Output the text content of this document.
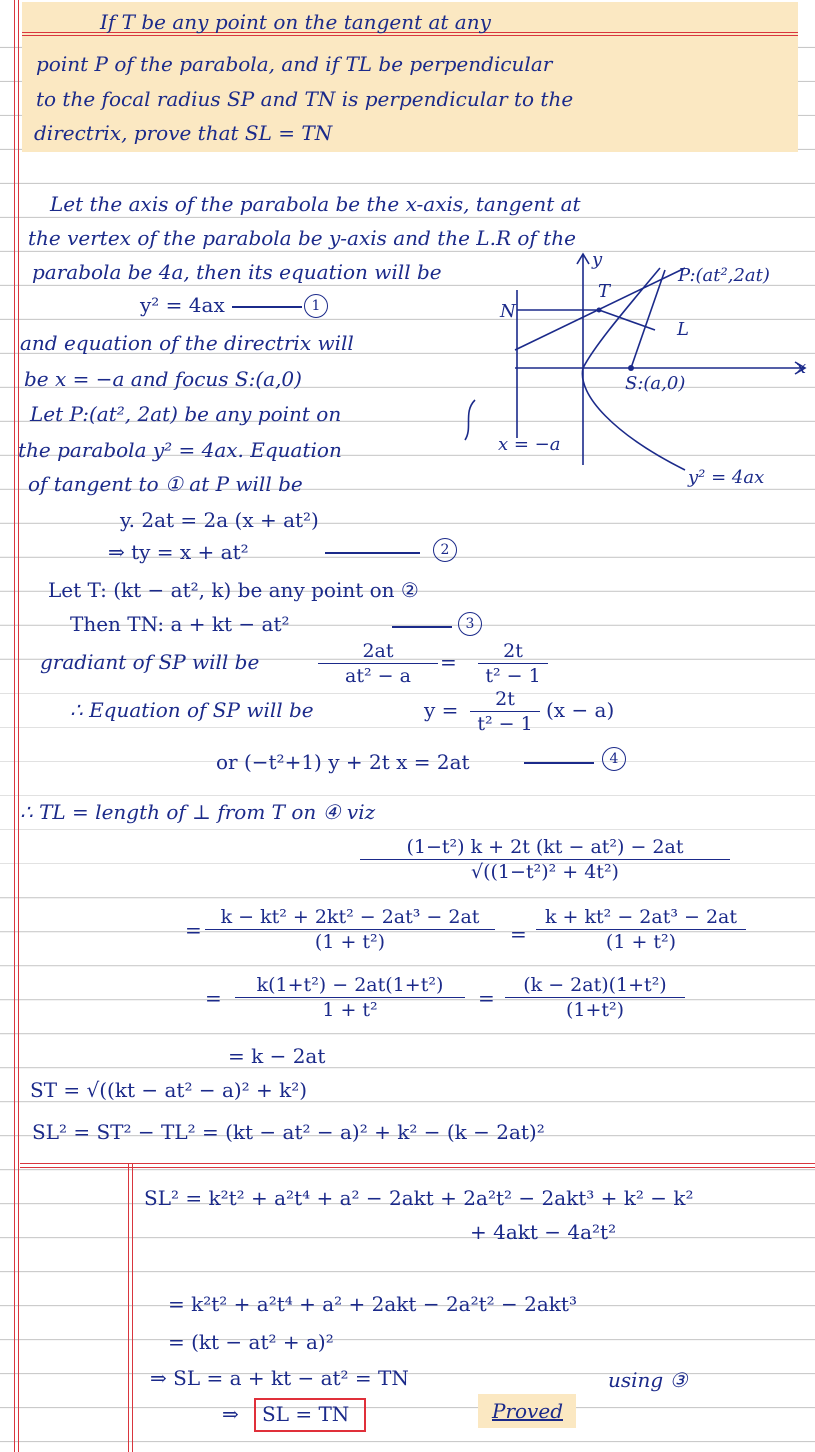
If T be any point on the tangent at any
point P of the parabola, and if TL be perpendicular
to the focal radius SP and TN is perpendicular to the
directrix, prove that SL = TN
Let the axis of the parabola be the x-axis, tangent at
the vertex of the parabola be y-axis and the L.R of the
parabola be 4a, then its equation will be
y² = 4ax	1
and equation of the directrix will
be x = −a and focus S:(a,0)
Let P:(at², 2at) be any point on
the parabola y² = 4ax. Equation
of tangent to ① at P will be
y
x
P:(at²,2at)
T
L
N
S:(a,0)
x = −a
y² = 4ax
y. 2at = 2a (x + at²)
⇒ ty = x + at²	2
Let T: (kt − at², k) be any point on ②
Then TN: a + kt − at²	3
gradiant of SP will be	$\frac{2at}{\text{at² − a}} = \frac{2t}{\text{t² − 1}}$
∴ Equation of SP will be	$y = \frac{2t}{\text{t² − 1}} (x - a)$
or (−t²+1) y + 2t x = 2at	4
∴ TL = length of ⊥ from T on ④ viz
$\frac{\text{(1−t²) k + 2t (kt − at²) − 2at}}{\text{√((1−t²)² + 4t²)}}$
= $\frac{\text{k − kt² + 2kt² − 2at³ − 2at}}{\text{(1 + t²)}} = \frac{\text{k + kt² − 2at³ − 2at}}{\text{(1 + t²)}}$
= $\frac{\text{k(1+t²) − 2at(1+t²)}}{\text{1 + t²}} = \frac{\text{(k − 2at)(1+t²)}}{\text{(1+t²)}}$
= k − 2at
ST = √((kt − at² − a)² + k²)
SL² = ST² − TL² = (kt − at² − a)² + k² − (k − 2at)²
SL² = k²t² + a²t⁴ + a² − 2akt + 2a²t² − 2akt³ + k² − k²
+ 4akt − 4a²t²
= k²t² + a²t⁴ + a² + 2akt − 2a²t² − 2akt³
= (kt − at² + a)²
⇒ SL = a + kt − at² = TN	using ③
⇒ SL = TN	Proved
